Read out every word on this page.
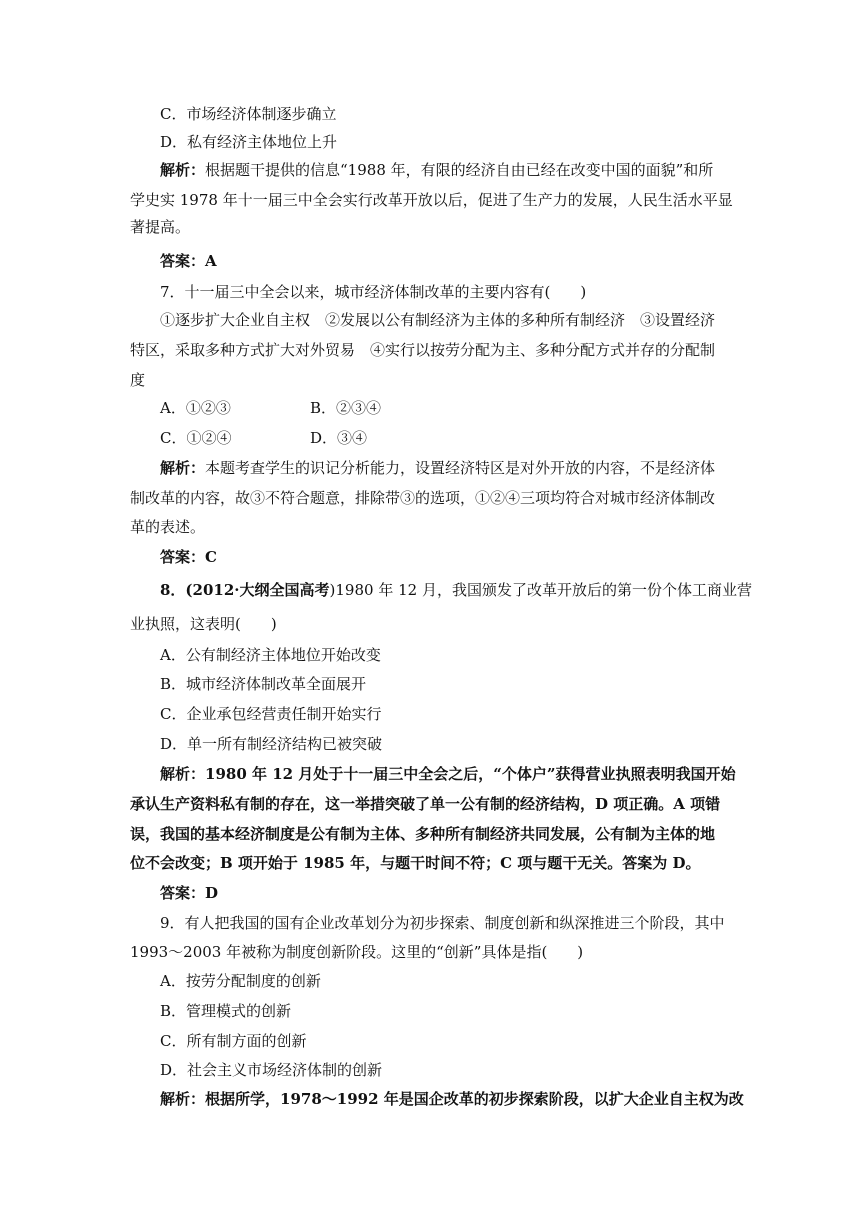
C．市场经济体制逐步确立
D．私有经济主体地位上升
解析：根据题干提供的信息“1988 年，有限的经济自由已经在改变中国的面貌”和所
学史实 1978 年十一届三中全会实行改革开放以后，促进了生产力的发展，人民生活水平显
著提高。
答案：A
7．十一届三中全会以来，城市经济体制改革的主要内容有(　　)
①逐步扩大企业自主权　②发展以公有制经济为主体的多种所有制经济　③设置经济
特区，采取多种方式扩大对外贸易　④实行以按劳分配为主、多种分配方式并存的分配制
度
A．①②③	B．②③④
C．①②④	D．③④
解析：本题考查学生的识记分析能力，设置经济特区是对外开放的内容，不是经济体
制改革的内容，故③不符合题意，排除带③的选项，①②④三项均符合对城市经济体制改
革的表述。
答案：C
8．(2012·大纲全国高考)1980 年 12 月，我国颁发了改革开放后的第一份个体工商业营
业执照，这表明(　　)
A．公有制经济主体地位开始改变
B．城市经济体制改革全面展开
C．企业承包经营责任制开始实行
D．单一所有制经济结构已被突破
解析：1980 年 12 月处于十一届三中全会之后，“个体户”获得营业执照表明我国开始
承认生产资料私有制的存在，这一举措突破了单一公有制的经济结构，D 项正确。A 项错
误，我国的基本经济制度是公有制为主体、多种所有制经济共同发展，公有制为主体的地
位不会改变；B 项开始于 1985 年，与题干时间不符；C 项与题干无关。答案为 D。
答案：D
9．有人把我国的国有企业改革划分为初步探索、制度创新和纵深推进三个阶段，其中
1993～2003 年被称为制度创新阶段。这里的“创新”具体是指(　　)
A．按劳分配制度的创新
B．管理模式的创新
C．所有制方面的创新
D．社会主义市场经济体制的创新
解析：根据所学，1978～1992 年是国企改革的初步探索阶段，以扩大企业自主权为改
